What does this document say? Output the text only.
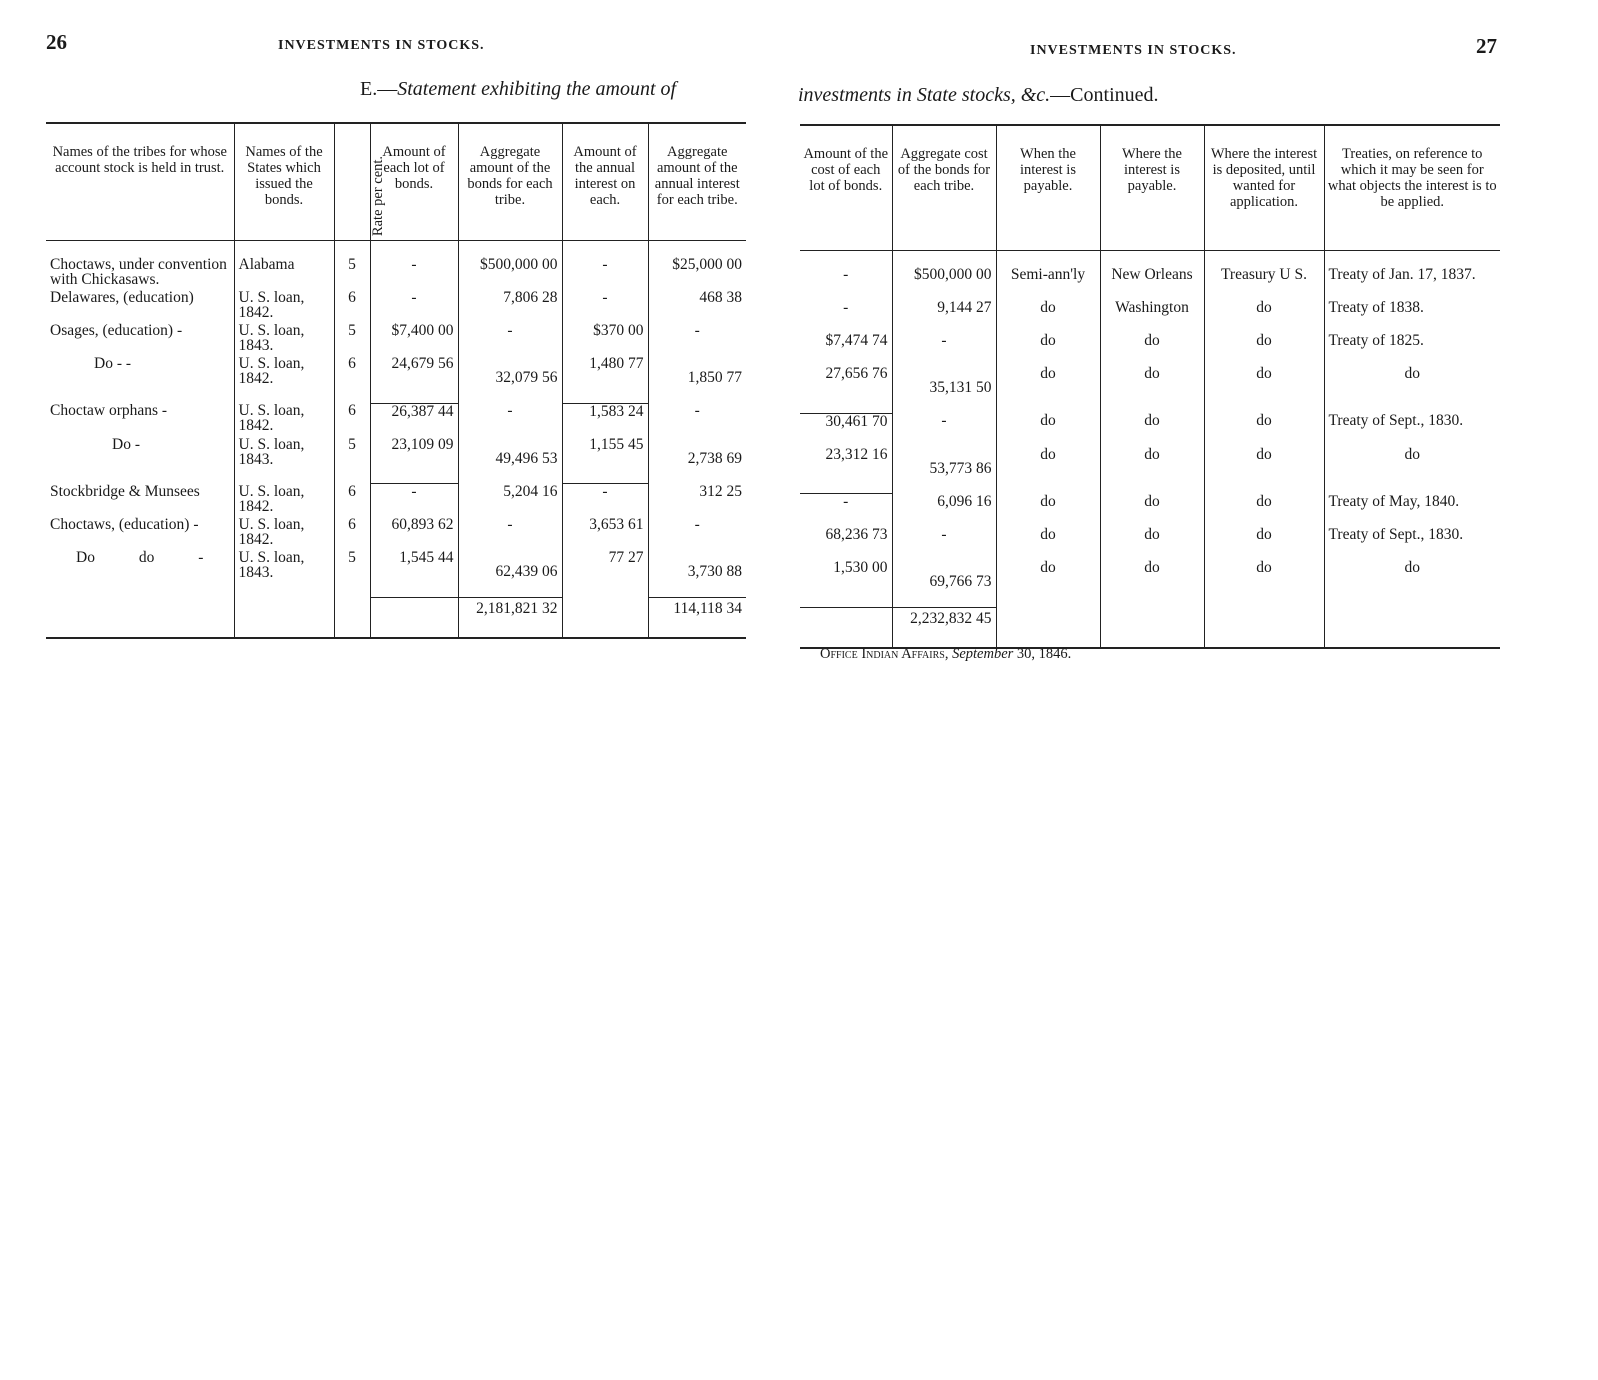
26	INVESTMENTS IN STOCKS.
E.—Statement exhibiting the amount of
Names of the tribes for whose account stock is held in trust.	Names of the States which issued the bonds.	Rate per cent.	Amount of each lot of bonds.	Aggregate amount of the bonds for each tribe.	Amount of the annual interest on each.	Aggregate amount of the annual interest for each tribe.
Choctaws, under convention with Chickasaws.	Alabama	5	-	$500,000 00	-	$25,000 00
Delawares, (education)	U. S. loan, 1842.	6	-	7,806 28	-	468 38
Osages, (education) -	U. S. loan, 1843.	5	$7,400 00	-	$370 00	-
Do - -	U. S. loan, 1842.	6	24,679 56	32,079 56	1,480 77	1,850 77
Choctaw orphans -	U. S. loan, 1842.	6	26,387 44	-	1,583 24	-
Do -	U. S. loan, 1843.	5	23,109 09	49,496 53	1,155 45	2,738 69
Stockbridge & Munsees	U. S. loan, 1842.	6	-	5,204 16	-	312 25
Choctaws, (education) -	U. S. loan, 1842.	6	60,893 62	-	3,653 61	-
Do do -	U. S. loan, 1843.	5	1,545 44	62,439 06	77 27	3,730 88
				2,181,821 32		114,118 34
27
INVESTMENTS IN STOCKS.
investments in State stocks, &c.—Continued.
Amount of the cost of each lot of bonds.	Aggregate cost of the bonds for each tribe.	When the interest is payable.	Where the interest is payable.	Where the interest is deposited, until wanted for application.	Treaties, on reference to which it may be seen for what objects the interest is to be applied.
-	$500,000 00	Semi-ann'ly	New Orleans	Treasury U S.	Treaty of Jan. 17, 1837.
-	9,144 27	do	Washington	do	Treaty of 1838.
$7,474 74	-	do	do	do	Treaty of 1825.
27,656 76	35,131 50	do	do	do	do
30,461 70	-	do	do	do	Treaty of Sept., 1830.
23,312 16	53,773 86	do	do	do	do
-	6,096 16	do	do	do	Treaty of May, 1840.
68,236 73	-	do	do	do	Treaty of Sept., 1830.
1,530 00	69,766 73	do	do	do	do
	2,232,832 45				
Office Indian Affairs, September 30, 1846.
